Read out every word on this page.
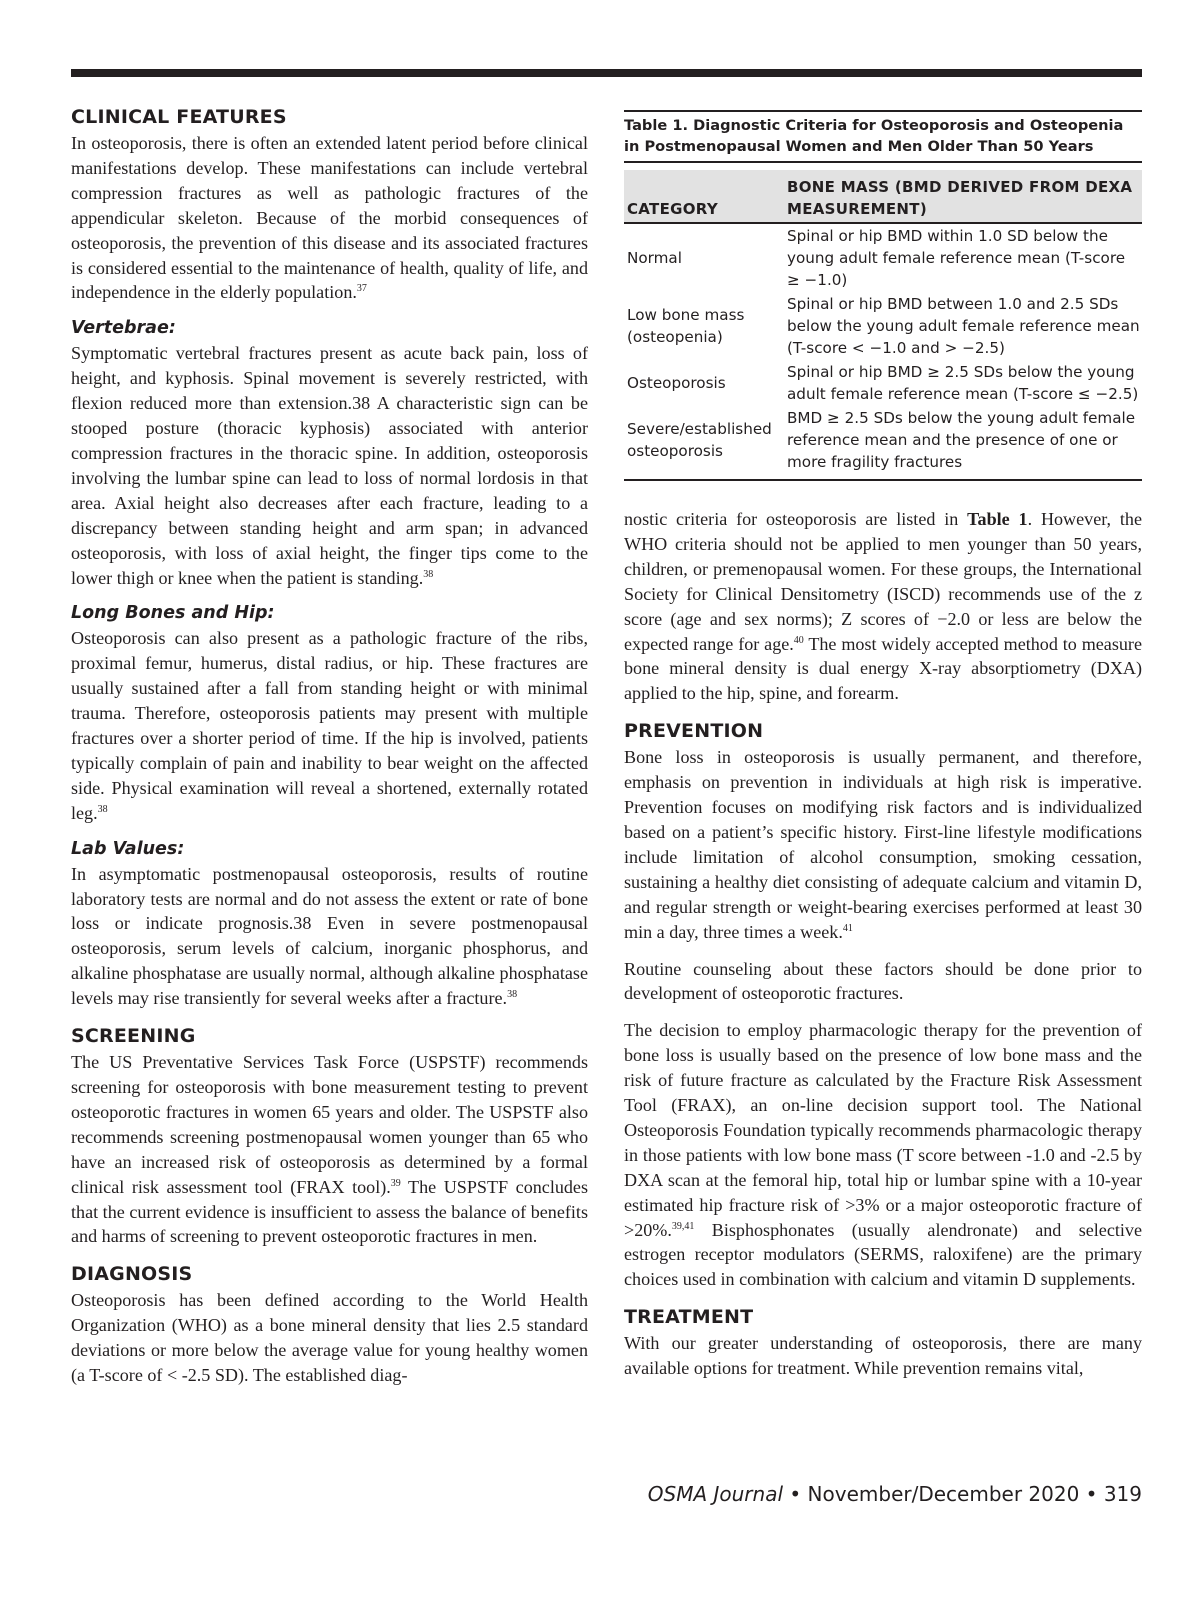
CLINICAL FEATURES

In osteoporosis, there is often an extended latent period before clinical manifestations develop. These manifestations can include vertebral compression fractures as well as pathologic fractures of the appendicular skeleton. Because of the morbid consequences of osteoporosis, the prevention of this disease and its associated fractures is considered essential to the maintenance of health, quality of life, and independence in the elderly population.$^{37}$

Vertebrae:

Symptomatic vertebral fractures present as acute back pain, loss of height, and kyphosis. Spinal movement is severely restricted, with flexion reduced more than extension.38 A characteristic sign can be stooped posture (thoracic kyphosis) associated with anterior compression fractures in the thoracic spine. In addition, osteoporosis involving the lumbar spine can lead to loss of normal lordosis in that area. Axial height also decreases after each fracture, leading to a discrepancy between standing height and arm span; in advanced osteoporosis, with loss of axial height, the finger tips come to the lower thigh or knee when the patient is standing.$^{38}$

Long Bones and Hip:

Osteoporosis can also present as a pathologic fracture of the ribs, proximal femur, humerus, distal radius, or hip. These fractures are usually sustained after a fall from standing height or with minimal trauma. Therefore, osteoporosis patients may present with multiple fractures over a shorter period of time. If the hip is involved, patients typically complain of pain and inability to bear weight on the affected side. Physical examination will reveal a shortened, externally rotated leg.$^{38}$

Lab Values:

In asymptomatic postmenopausal osteoporosis, results of routine laboratory tests are normal and do not assess the extent or rate of bone loss or indicate prognosis.38 Even in severe postmenopausal osteoporosis, serum levels of calcium, inorganic phosphorus, and alkaline phosphatase are usually normal, although alkaline phosphatase levels may rise transiently for several weeks after a fracture.$^{38}$

SCREENING

The US Preventative Services Task Force (USPSTF) recommends screening for osteoporosis with bone measurement testing to prevent osteoporotic fractures in women 65 years and older. The USPSTF also recommends screening postmenopausal women younger than 65 who have an increased risk of osteoporosis as determined by a formal clinical risk assessment tool (FRAX tool).$^{39}$ The USPSTF concludes that the current evidence is insufficient to assess the balance of benefits and harms of screening to prevent osteoporotic fractures in men.

DIAGNOSIS

Osteoporosis has been defined according to the World Health Organization (WHO) as a bone mineral density that lies 2.5 standard deviations or more below the average value for young healthy women (a T-score of < -2.5 SD). The established diag-

Table 1. Diagnostic Criteria for Osteoporosis and Osteopenia in Postmenopausal Women and Men Older Than 50 Years
CATEGORY	BONE MASS (BMD DERIVED FROM DEXA MEASUREMENT)
Normal	Spinal or hip BMD within 1.0 SD below the young adult female reference mean (T-score ≥ −1.0)
Low bone mass (osteopenia)	Spinal or hip BMD between 1.0 and 2.5 SDs below the young adult female reference mean (T-score < −1.0 and > −2.5)
Osteoporosis	Spinal or hip BMD ≥ 2.5 SDs below the young adult female reference mean (T-score ≤ −2.5)
Severe/established osteoporosis	BMD ≥ 2.5 SDs below the young adult female reference mean and the presence of one or more fragility fractures

nostic criteria for osteoporosis are listed in Table 1. However, the WHO criteria should not be applied to men younger than 50 years, children, or premenopausal women. For these groups, the International Society for Clinical Densitometry (ISCD) recommends use of the z score (age and sex norms); Z scores of −2.0 or less are below the expected range for age.$^{40}$ The most widely accepted method to measure bone mineral density is dual energy X-ray absorptiometry (DXA) applied to the hip, spine, and forearm.

PREVENTION

Bone loss in osteoporosis is usually permanent, and therefore, emphasis on prevention in individuals at high risk is imperative. Prevention focuses on modifying risk factors and is individualized based on a patient’s specific history. First-line lifestyle modifications include limitation of alcohol consumption, smoking cessation, sustaining a healthy diet consisting of adequate calcium and vitamin D, and regular strength or weight-bearing exercises performed at least 30 min a day, three times a week.$^{41}$

Routine counseling about these factors should be done prior to development of osteoporotic fractures.

The decision to employ pharmacologic therapy for the prevention of bone loss is usually based on the presence of low bone mass and the risk of future fracture as calculated by the Fracture Risk Assessment Tool (FRAX), an on-line decision support tool. The National Osteoporosis Foundation typically recommends pharmacologic therapy in those patients with low bone mass (T score between -1.0 and -2.5 by DXA scan at the femoral hip, total hip or lumbar spine with a 10-year estimated hip fracture risk of >3% or a major osteoporotic fracture of >20%.$^{39,41}$ Bisphosphonates (usually alendronate) and selective estrogen receptor modulators (SERMS, raloxifene) are the primary choices used in combination with calcium and vitamin D supplements.

TREATMENT

With our greater understanding of osteoporosis, there are many available options for treatment. While prevention remains vital,

OSMA Journal • November/December 2020 • 319
